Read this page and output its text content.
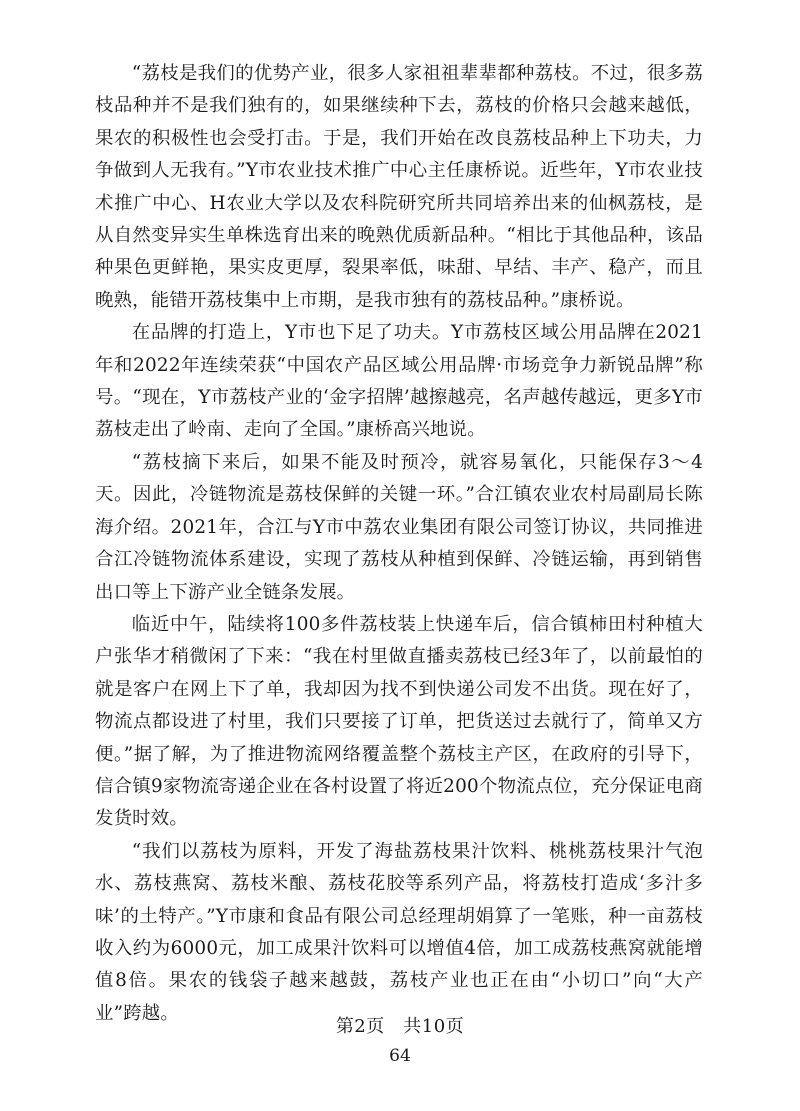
“荔枝是我们的优势产业，很多人家祖祖辈辈都种荔枝。不过，很多荔枝品种并不是我们独有的，如果继续种下去，荔枝的价格只会越来越低，果农的积极性也会受打击。于是，我们开始在改良荔枝品种上下功夫，力争做到人无我有。”Y市农业技术推广中心主任康桥说。近些年，Y市农业技术推广中心、H农业大学以及农科院研究所共同培养出来的仙枫荔枝，是从自然变异实生单株选育出来的晚熟优质新品种。“相比于其他品种，该品种果色更鲜艳，果实皮更厚，裂果率低，味甜、早结、丰产、稳产，而且晚熟，能错开荔枝集中上市期，是我市独有的荔枝品种。”康桥说。

在品牌的打造上，Y市也下足了功夫。Y市荔枝区域公用品牌在2021年和2022年连续荣获“中国农产品区域公用品牌·市场竞争力新锐品牌”称号。“现在，Y市荔枝产业的‘金字招牌’越擦越亮，名声越传越远，更多Y市荔枝走出了岭南、走向了全国。”康桥高兴地说。

“荔枝摘下来后，如果不能及时预冷，就容易氧化，只能保存3～4天。因此，冷链物流是荔枝保鲜的关键一环。”合江镇农业农村局副局长陈海介绍。2021年，合江与Y市中荔农业集团有限公司签订协议，共同推进合江冷链物流体系建设，实现了荔枝从种植到保鲜、冷链运输，再到销售出口等上下游产业全链条发展。

临近中午，陆续将100多件荔枝装上快递车后，信合镇柿田村种植大户张华才稍微闲了下来：“我在村里做直播卖荔枝已经3年了，以前最怕的就是客户在网上下了单，我却因为找不到快递公司发不出货。现在好了，物流点都设进了村里，我们只要接了订单，把货送过去就行了，简单又方便。”据了解，为了推进物流网络覆盖整个荔枝主产区，在政府的引导下，信合镇9家物流寄递企业在各村设置了将近200个物流点位，充分保证电商发货时效。

“我们以荔枝为原料，开发了海盐荔枝果汁饮料、桃桃荔枝果汁气泡水、荔枝燕窝、荔枝米酿、荔枝花胶等系列产品，将荔枝打造成‘多汁多味’的土特产。”Y市康和食品有限公司总经理胡娟算了一笔账，种一亩荔枝收入约为6000元，加工成果汁饮料可以增值4倍，加工成荔枝燕窝就能增值8倍。果农的钱袋子越来越鼓，荔枝产业也正在由“小切口”向“大产业”跨越。

第2页　共10页
64
